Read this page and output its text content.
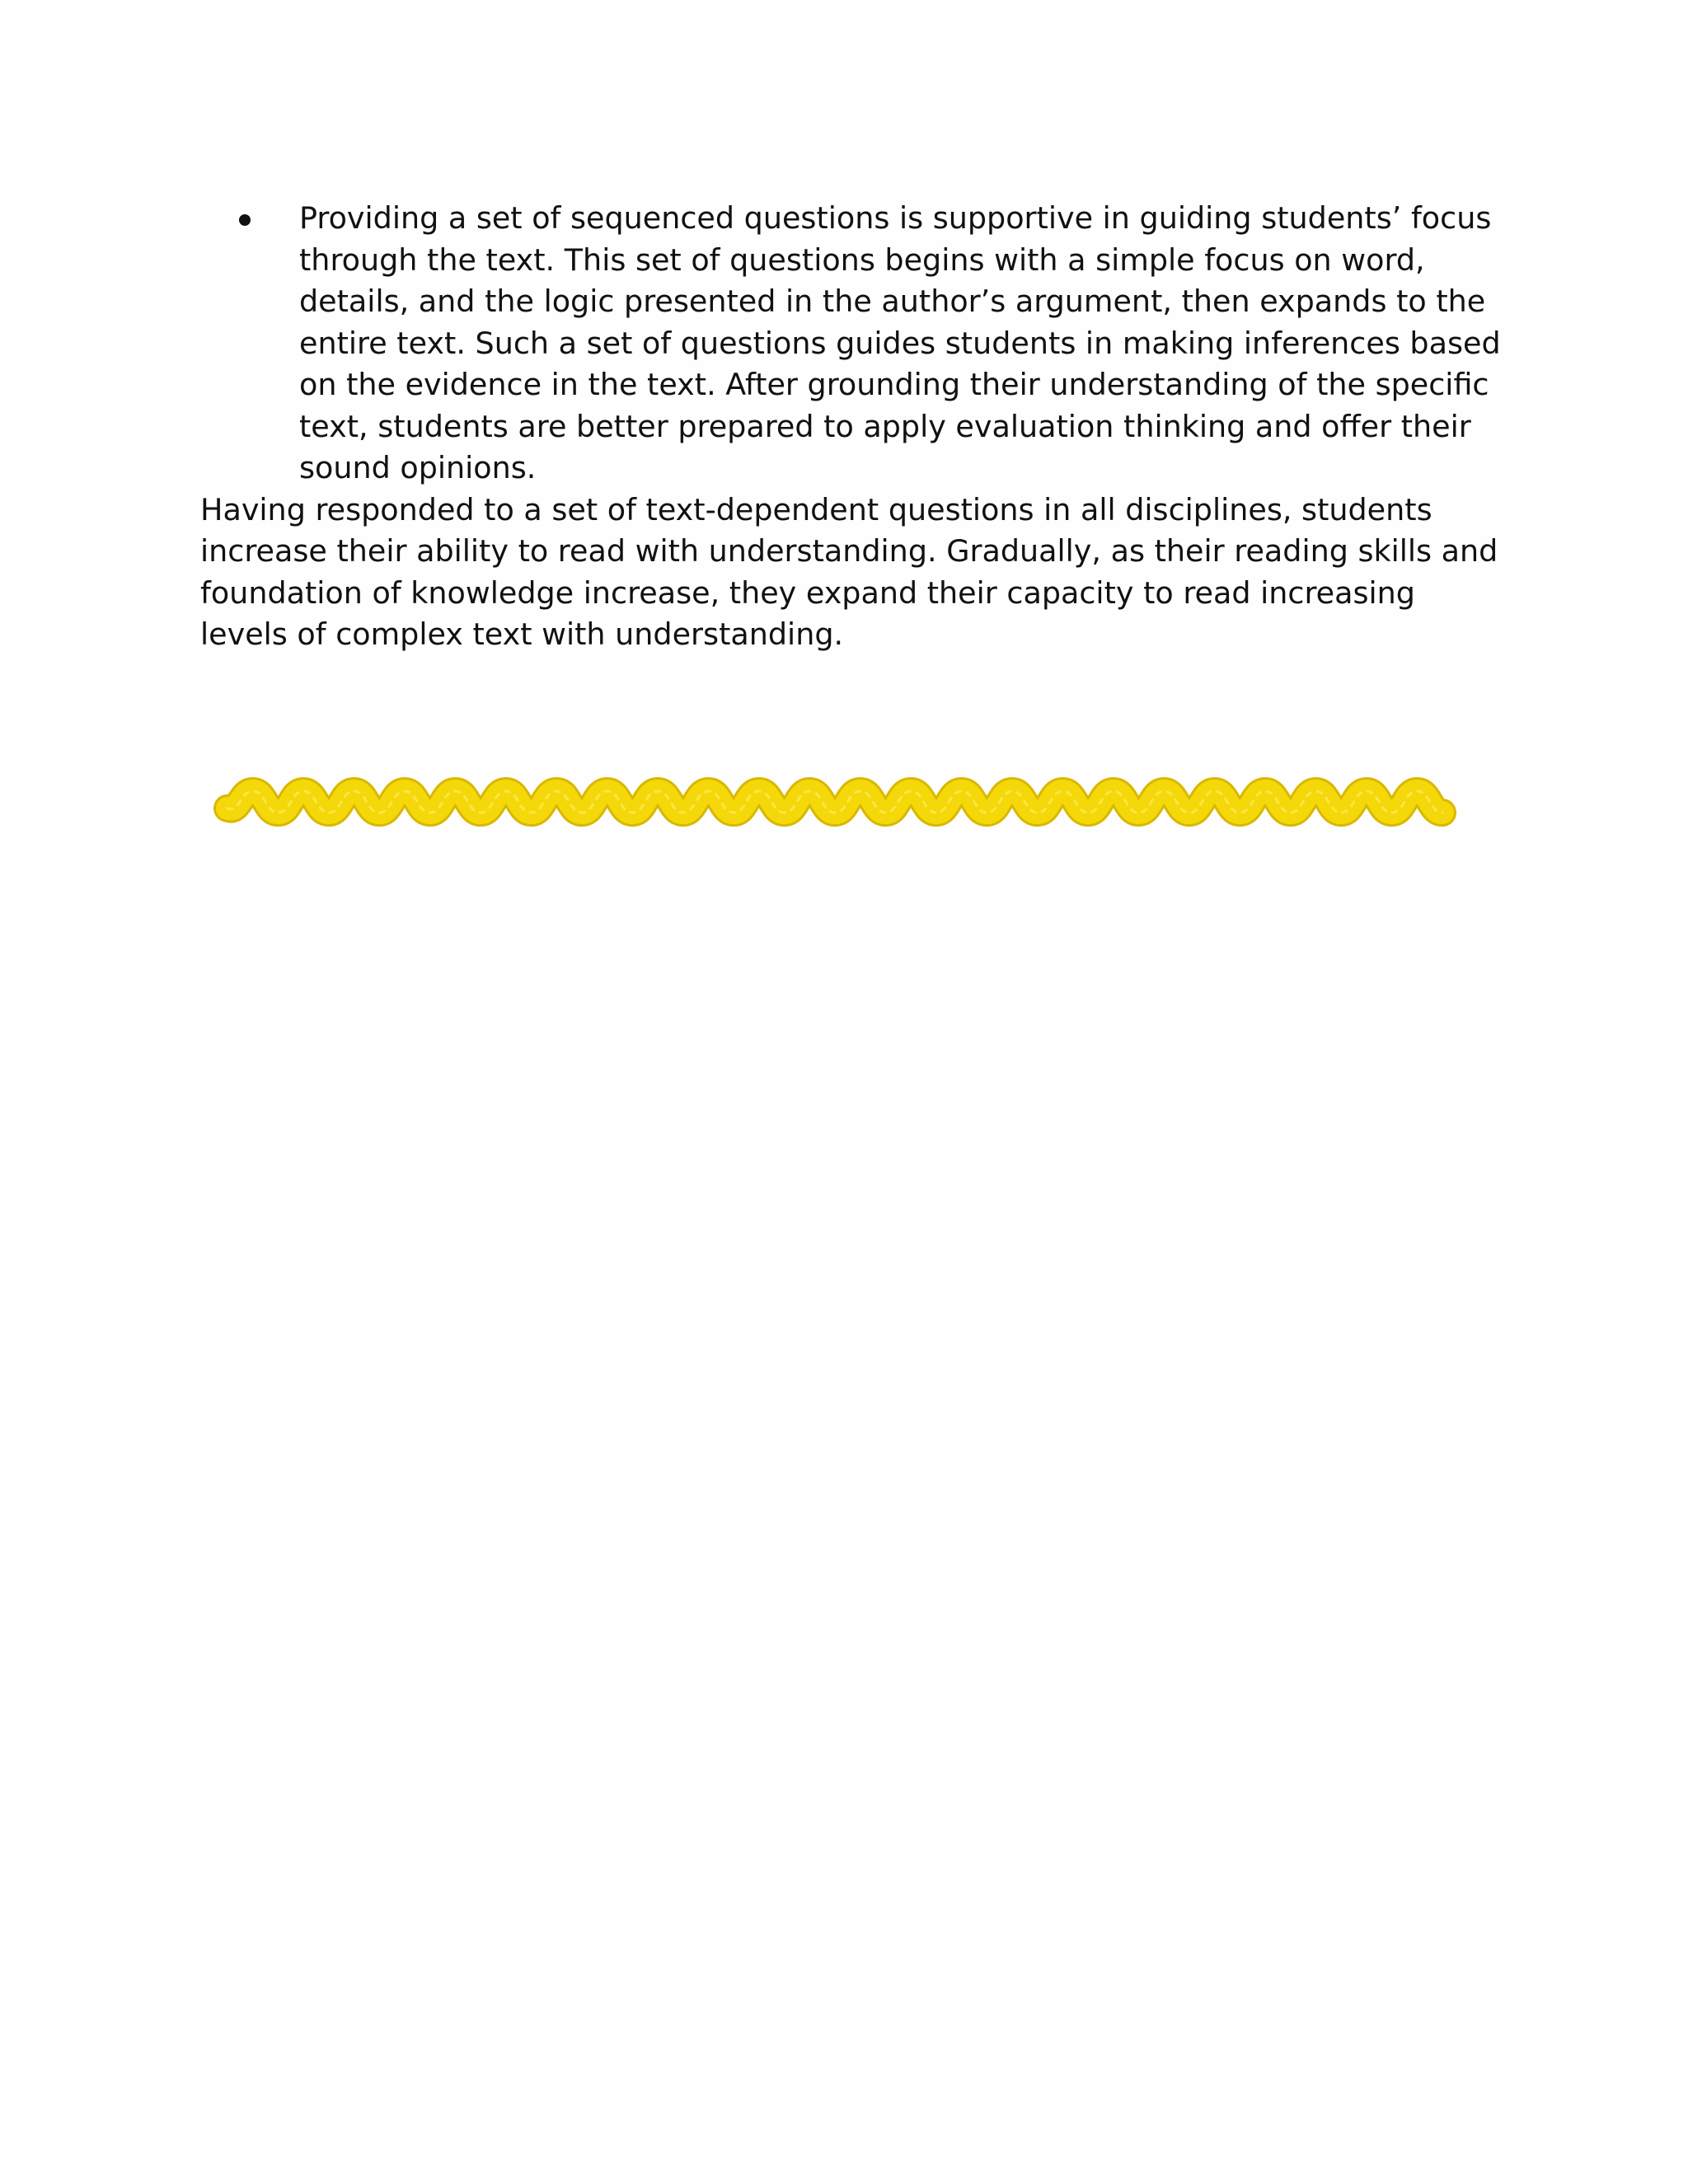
Providing a set of sequenced questions is supportive in guiding students’ focus through the text. This set of questions begins with a simple focus on word, details, and the logic presented in the author’s argument, then expands to the entire text. Such a set of questions guides students in making inferences based on the evidence in the text. After grounding their understanding of the specific text, students are better prepared to apply evaluation thinking and offer their sound opinions.

Having responded to a set of text-dependent questions in all disciplines, students increase their ability to read with understanding. Gradually, as their reading skills and foundation of knowledge increase, they expand their capacity to read increasing levels of complex text with understanding.
